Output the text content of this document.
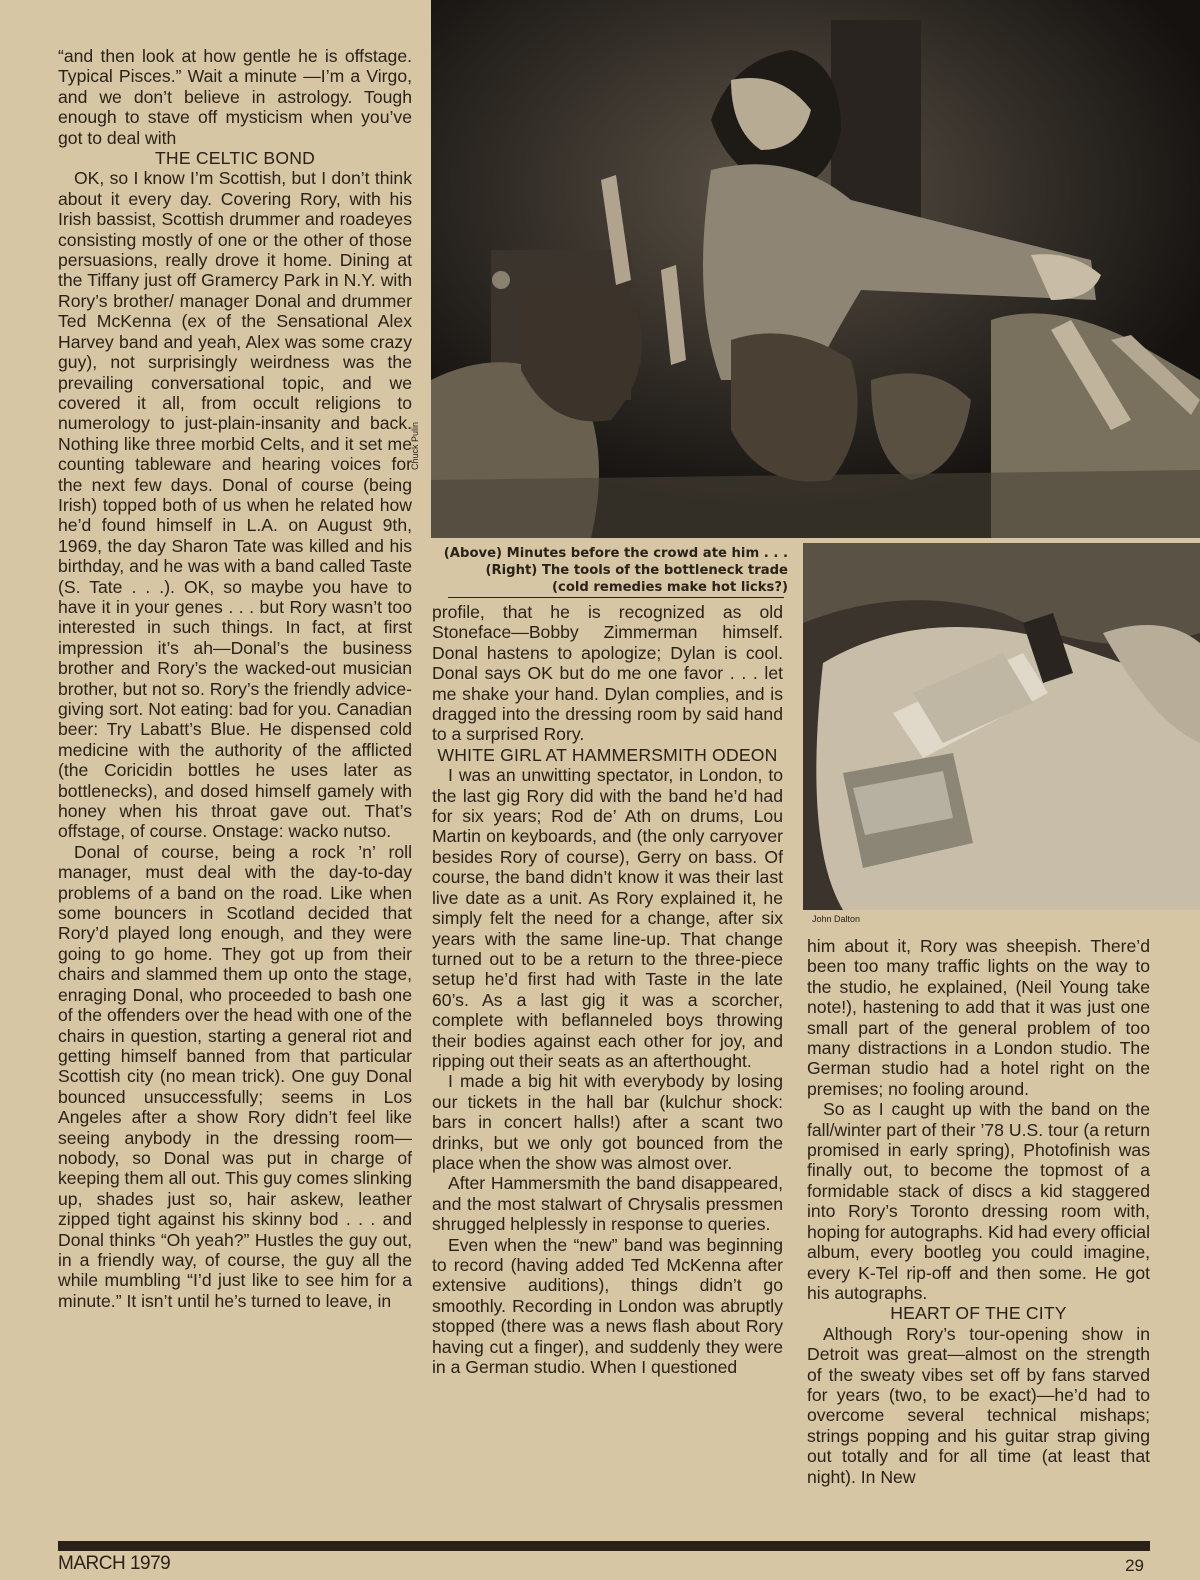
“and then look at how gentle he is offstage. Typical Pisces.” Wait a minute —I’m a Virgo, and we don’t believe in astrology. Tough enough to stave off mysticism when you’ve got to deal with

THE CELTIC BOND

OK, so I know I’m Scottish, but I don’t think about it every day. Covering Rory, with his Irish bassist, Scottish drummer and roadeyes consisting mostly of one or the other of those persuasions, really drove it home. Dining at the Tiffany just off Gramercy Park in N.Y. with Rory’s brother/ manager Donal and drummer Ted McKenna (ex of the Sensational Alex Harvey band and yeah, Alex was some crazy guy), not surprisingly weirdness was the prevailing conversational topic, and we covered it all, from occult religions to numerology to just-plain-insanity and back. Nothing like three morbid Celts, and it set me counting tableware and hearing voices for the next few days. Donal of course (being Irish) topped both of us when he related how he’d found himself in L.A. on August 9th, 1969, the day Sharon Tate was killed and his birthday, and he was with a band called Taste (S. Tate . . .). OK, so maybe you have to have it in your genes . . . but Rory wasn’t too interested in such things. In fact, at first impression it’s ah—Donal’s the business brother and Rory’s the wacked-out musician brother, but not so. Rory’s the friendly advice-giving sort. Not eating: bad for you. Canadian beer: Try Labatt’s Blue. He dispensed cold medicine with the authority of the afflicted (the Coricidin bottles he uses later as bottlenecks), and dosed himself gamely with honey when his throat gave out. That’s offstage, of course. Onstage: wacko nutso.

Donal of course, being a rock ’n’ roll manager, must deal with the day-to-day problems of a band on the road. Like when some bouncers in Scotland decided that Rory’d played long enough, and they were going to go home. They got up from their chairs and slammed them up onto the stage, enraging Donal, who proceeded to bash one of the offenders over the head with one of the chairs in question, starting a general riot and getting himself banned from that particular Scottish city (no mean trick). One guy Donal bounced unsuccessfully; seems in Los Angeles after a show Rory didn’t feel like seeing anybody in the dressing room—nobody, so Donal was put in charge of keeping them all out. This guy comes slinking up, shades just so, hair askew, leather zipped tight against his skinny bod . . . and Donal thinks “Oh yeah?” Hustles the guy out, in a friendly way, of course, the guy all the while mumbling “I’d just like to see him for a minute.” It isn’t until he’s turned to leave, in

Chuck Pulin
(Above) Minutes before the crowd ate him . . .
(Right) The tools of the bottleneck trade
(cold remedies make hot licks?)
John Dalton

profile, that he is recognized as old Stoneface—Bobby Zimmerman himself. Donal hastens to apologize; Dylan is cool. Donal says OK but do me one favor . . . let me shake your hand. Dylan complies, and is dragged into the dressing room by said hand to a surprised Rory.

WHITE GIRL AT HAMMERSMITH ODEON

I was an unwitting spectator, in London, to the last gig Rory did with the band he’d had for six years; Rod de’ Ath on drums, Lou Martin on keyboards, and (the only carryover besides Rory of course), Gerry on bass. Of course, the band didn’t know it was their last live date as a unit. As Rory explained it, he simply felt the need for a change, after six years with the same line-up. That change turned out to be a return to the three-piece setup he’d first had with Taste in the late 60’s. As a last gig it was a scorcher, complete with beflanneled boys throwing their bodies against each other for joy, and ripping out their seats as an afterthought.

I made a big hit with everybody by losing our tickets in the hall bar (kulchur shock: bars in concert halls!) after a scant two drinks, but we only got bounced from the place when the show was almost over.

After Hammersmith the band disappeared, and the most stalwart of Chrysalis pressmen shrugged helplessly in response to queries.

Even when the “new” band was beginning to record (having added Ted McKenna after extensive auditions), things didn’t go smoothly. Recording in London was abruptly stopped (there was a news flash about Rory having cut a finger), and suddenly they were in a German studio. When I questioned

him about it, Rory was sheepish. There’d been too many traffic lights on the way to the studio, he explained, (Neil Young take note!), hastening to add that it was just one small part of the general problem of too many distractions in a London studio. The German studio had a hotel right on the premises; no fooling around.

So as I caught up with the band on the fall/winter part of their ’78 U.S. tour (a return promised in early spring), Photofinish was finally out, to become the topmost of a formidable stack of discs a kid staggered into Rory’s Toronto dressing room with, hoping for autographs. Kid had every official album, every bootleg you could imagine, every K-Tel rip-off and then some. He got his autographs.

HEART OF THE CITY

Although Rory’s tour-opening show in Detroit was great—almost on the strength of the sweaty vibes set off by fans starved for years (two, to be exact)—he’d had to overcome several technical mishaps; strings popping and his guitar strap giving out totally and for all time (at least that night). In New

MARCH 1979	29
